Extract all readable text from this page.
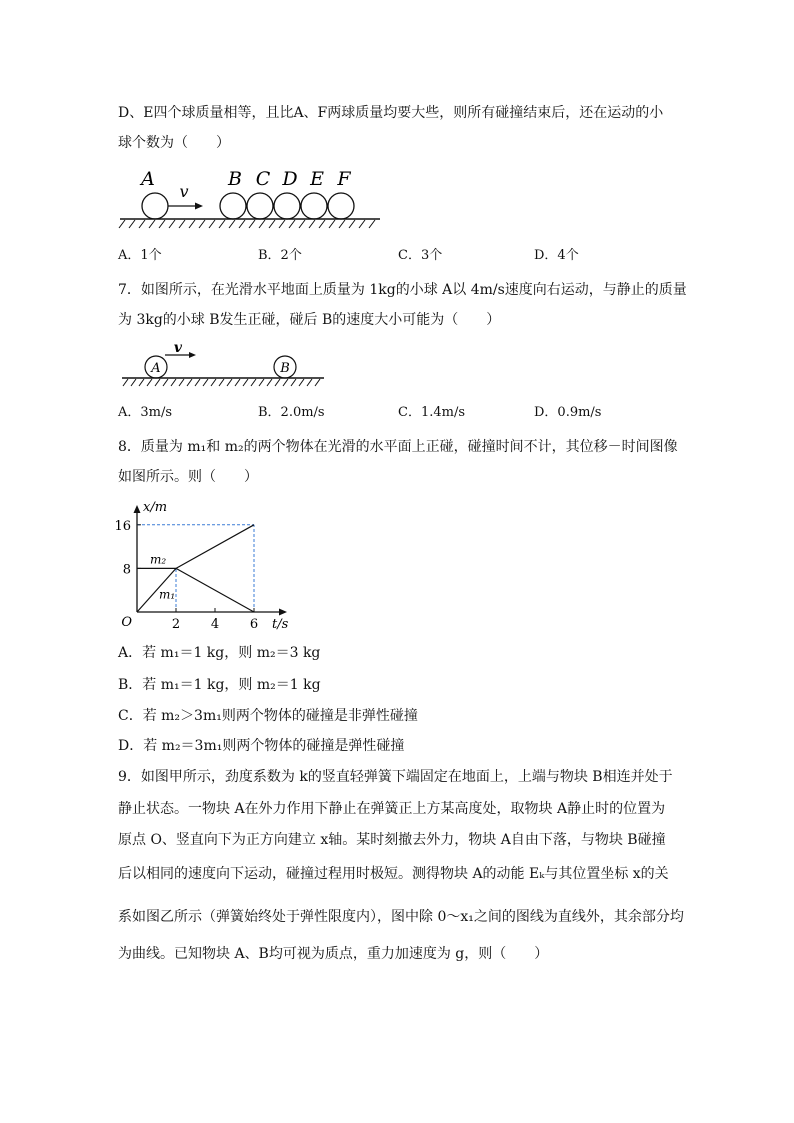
D、E四个球质量相等，且比A、F两球质量均要大些，则所有碰撞结束后，还在运动的小
球个数为（　　）
A
v
B C D E F
A．1个	B．2个	C．3个	D．4个
7．如图所示，在光滑水平地面上质量为 1kg的小球 A以 4m/s速度向右运动，与静止的质量
为 3kg的小球 B发生正碰，碰后 B的速度大小可能为（　　）
v
A	B
A．3m/s	B．2.0m/s	C．1.4m/s	D．0.9m/s
8．质量为 m₁和 m₂的两个物体在光滑的水平面上正碰，碰撞时间不计，其位移－时间图像
如图所示。则（　　）
x/m
t/s
O	2 4 6
8
16
m₂
m₁
A．若 m₁＝1 kg，则 m₂＝3 kg
B．若 m₁＝1 kg，则 m₂＝1 kg
C．若 m₂＞3m₁则两个物体的碰撞是非弹性碰撞
D．若 m₂＝3m₁则两个物体的碰撞是弹性碰撞
9．如图甲所示，劲度系数为 k的竖直轻弹簧下端固定在地面上，上端与物块 B相连并处于
静止状态。一物块 A在外力作用下静止在弹簧正上方某高度处，取物块 A静止时的位置为
原点 O、竖直向下为正方向建立 x轴。某时刻撤去外力，物块 A自由下落，与物块 B碰撞
后以相同的速度向下运动，碰撞过程用时极短。测得物块 A的动能 Eₖ与其位置坐标 x的关
系如图乙所示（弹簧始终处于弹性限度内），图中除 0～x₁之间的图线为直线外，其余部分均
为曲线。已知物块 A、B均可视为质点，重力加速度为 g，则（　　）
